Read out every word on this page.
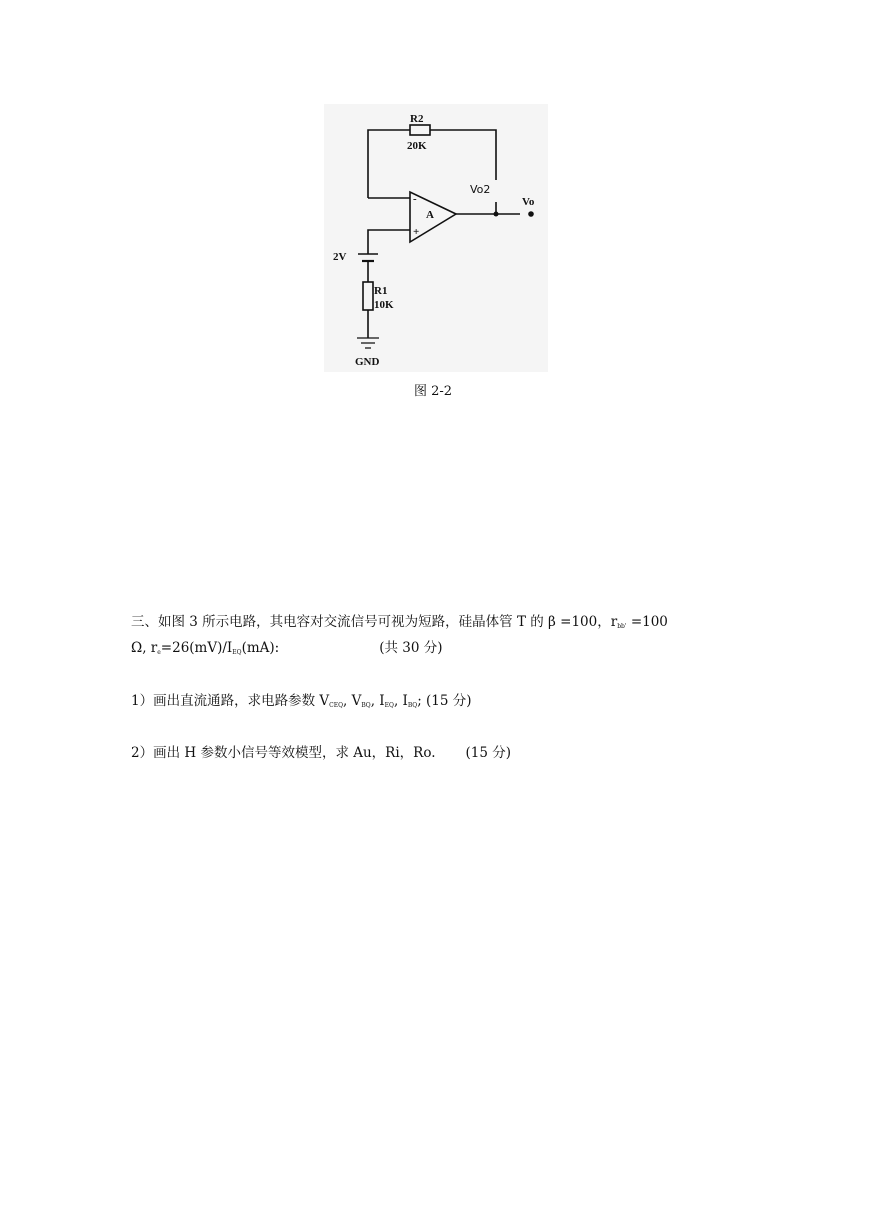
R2
20K
A
-
+
Vo2
Vo
2V
R1
10K
GND
图 2-2
三、如图 3 所示电路，其电容对交流信号可视为短路，硅晶体管 T 的 β =100，$r_{bb'} =100$
Ω, $r_e=26(mV)/I_{EQ}(mA)$:	(共 30 分)
1）画出直流通路，求电路参数 $V_{CEQ}$, $V_{BQ}$, $I_{EQ}$, $I_{BQ}$; (15 分)
2）画出 H 参数小信号等效模型，求 Au，Ri，Ro. (15 分)
